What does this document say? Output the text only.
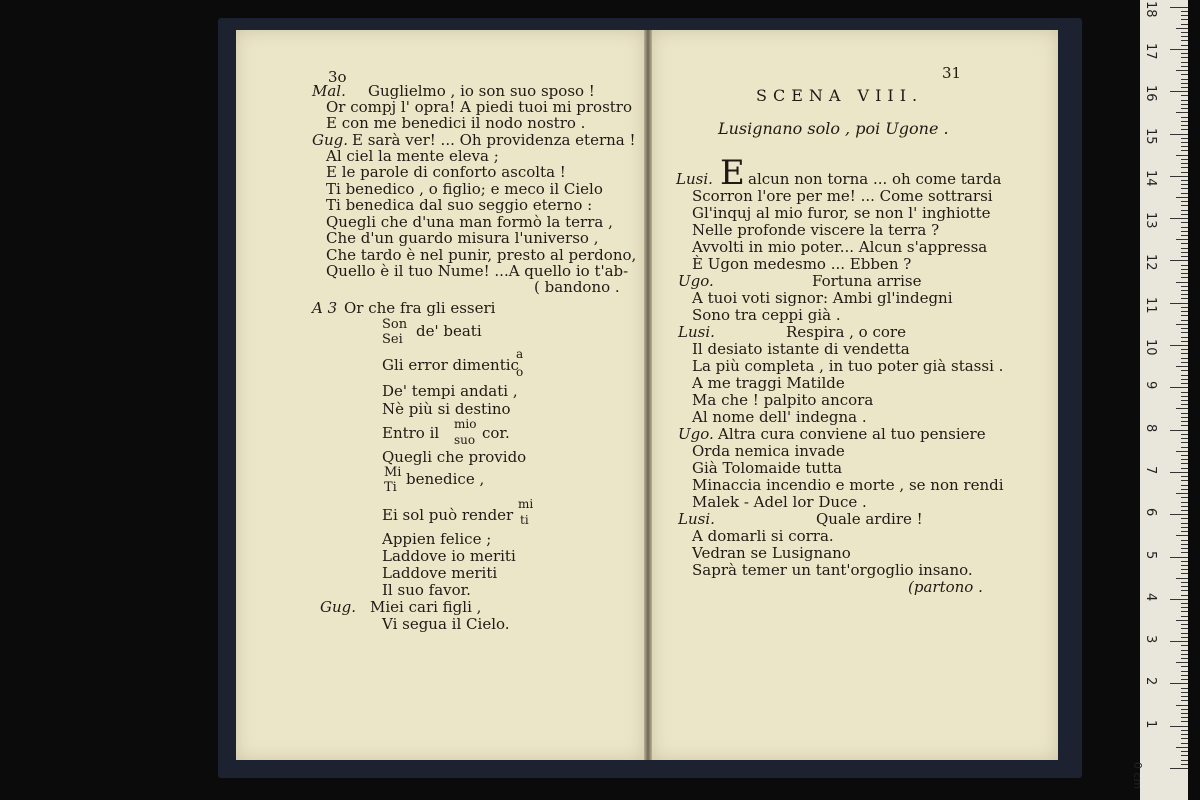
3o
Mal. Guglielmo , io son suo sposo !
Or compj l' opra! A piedi tuoi mi prostro
E con me benedici il nodo nostro .
Gug. E sarà ver! ... Oh providenza eterna !
Al ciel la mente eleva ;
E le parole di conforto ascolta !
Ti benedico , o figlio; e meco il Cielo
Ti benedica dal suo seggio eterno :
Quegli che d'una man formò la terra ,
Che d'un guardo misura l'universo ,
Che tardo è nel punir, presto al perdono,
Quello è il tuo Nume! ...A quello io t'ab-
( bandono .
A 3 Or che fra gli esseri
Son
Sei de' beati
Gli error dimentic
a
o
De' tempi andati ,
Nè più si destino
Entro il mio
suo cor.
Quegli che provido
Mi
Ti benedice ,
Ei sol può render
mi
ti
Appien felice ;
Laddove io meriti
Laddove meriti
Il suo favor.
Gug. Miei cari figli ,
Vi segua il Cielo.
31
SCENA VIII.
Lusignano solo , poi Ugone .
Lusi. E alcun non torna ... oh come tarda
Scorron l'ore per me! ... Come sottrarsi
Gl'inquj al mio furor, se non l' inghiotte
Nelle profonde viscere la terra ?
Avvolti in mio poter... Alcun s'appressa
È Ugon medesmo ... Ebben ?
Ugo.	Fortuna arrise
A tuoi voti signor: Ambi gl'indegni
Sono tra ceppi già .
Lusi.	Respira , o core
Il desiato istante di vendetta
La più completa , in tuo poter già stassi .
A me traggi Matilde
Ma che ! palpito ancora
Al nome dell' indegna .
Ugo. Altra cura conviene al tuo pensiere
Orda nemica invade
Già Tolomaide tutta
Minaccia incendio e morte , se non rendi
Malek - Adel lor Duce .
Lusi.	Quale ardire !
A domarli si corra.
Vedran se Lusignano
Saprà temer un tant'orgoglio insano.
(partono .
0 cm
1
2
3
4
5
6
7
8
9
10
11
12
13
14
15
16
17
18
